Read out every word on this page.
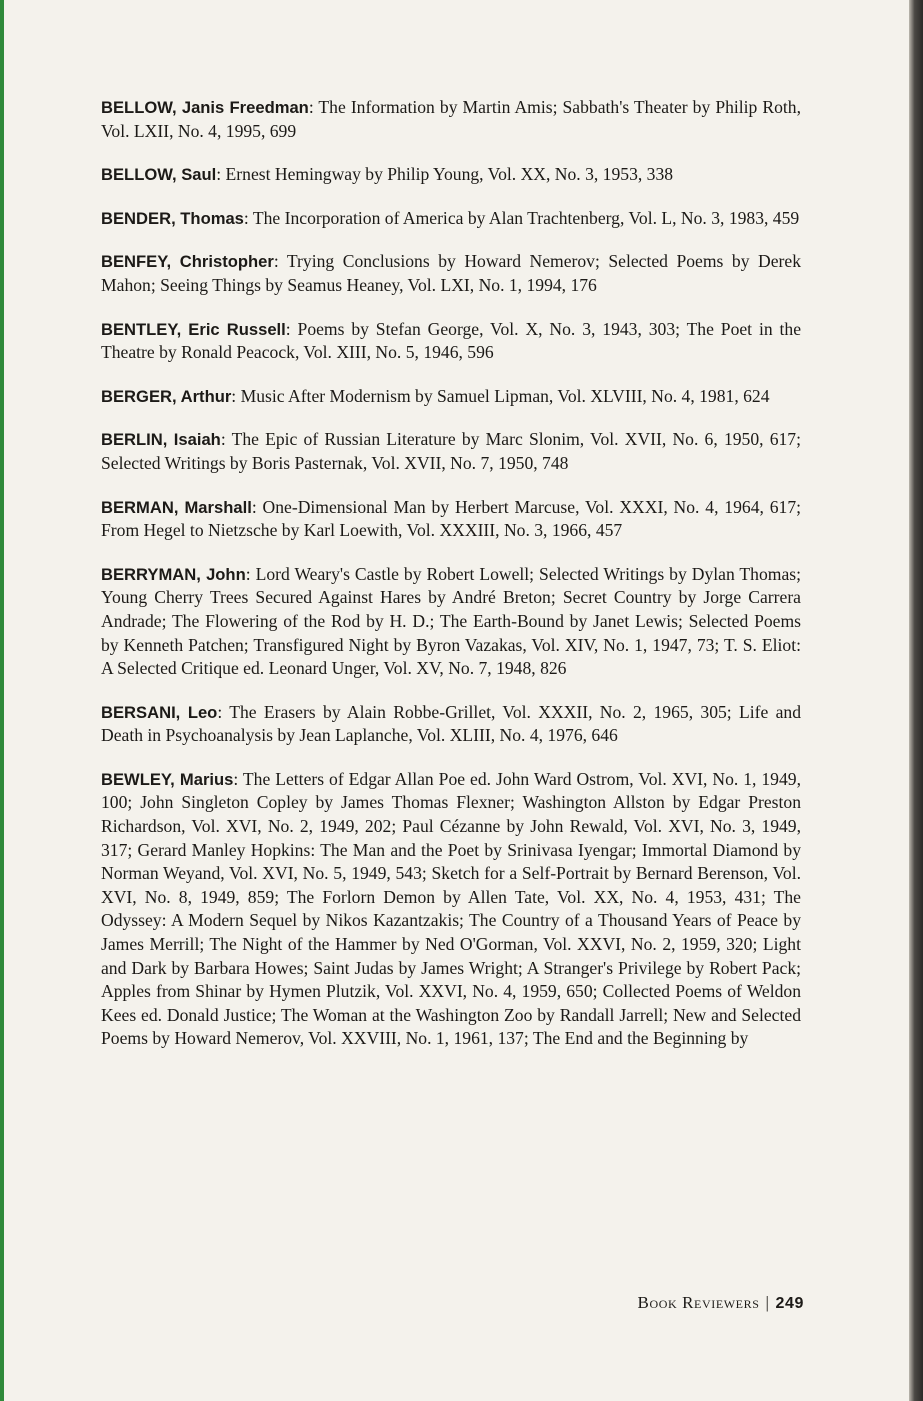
BELLOW, Janis Freedman: The Information by Martin Amis; Sabbath's Theater by Philip Roth, Vol. LXII, No. 4, 1995, 699

BELLOW, Saul: Ernest Hemingway by Philip Young, Vol. XX, No. 3, 1953, 338

BENDER, Thomas: The Incorporation of America by Alan Trachtenberg, Vol. L, No. 3, 1983, 459

BENFEY, Christopher: Trying Conclusions by Howard Nemerov; Selected Poems by Derek Mahon; Seeing Things by Seamus Heaney, Vol. LXI, No. 1, 1994, 176

BENTLEY, Eric Russell: Poems by Stefan George, Vol. X, No. 3, 1943, 303; The Poet in the Theatre by Ronald Peacock, Vol. XIII, No. 5, 1946, 596

BERGER, Arthur: Music After Modernism by Samuel Lipman, Vol. XLVIII, No. 4, 1981, 624

BERLIN, Isaiah: The Epic of Russian Literature by Marc Slonim, Vol. XVII, No. 6, 1950, 617; Selected Writings by Boris Pasternak, Vol. XVII, No. 7, 1950, 748

BERMAN, Marshall: One-Dimensional Man by Herbert Marcuse, Vol. XXXI, No. 4, 1964, 617; From Hegel to Nietzsche by Karl Loewith, Vol. XXXIII, No. 3, 1966, 457

BERRYMAN, John: Lord Weary's Castle by Robert Lowell; Selected Writings by Dylan Thomas; Young Cherry Trees Secured Against Hares by André Breton; Secret Country by Jorge Carrera Andrade; The Flowering of the Rod by H. D.; The Earth-Bound by Janet Lewis; Selected Poems by Kenneth Patchen; Transfigured Night by Byron Vazakas, Vol. XIV, No. 1, 1947, 73; T. S. Eliot: A Selected Critique ed. Leonard Unger, Vol. XV, No. 7, 1948, 826

BERSANI, Leo: The Erasers by Alain Robbe-Grillet, Vol. XXXII, No. 2, 1965, 305; Life and Death in Psychoanalysis by Jean Laplanche, Vol. XLIII, No. 4, 1976, 646

BEWLEY, Marius: The Letters of Edgar Allan Poe ed. John Ward Ostrom, Vol. XVI, No. 1, 1949, 100; John Singleton Copley by James Thomas Flexner; Washington Allston by Edgar Preston Richardson, Vol. XVI, No. 2, 1949, 202; Paul Cézanne by John Rewald, Vol. XVI, No. 3, 1949, 317; Gerard Manley Hopkins: The Man and the Poet by Srinivasa Iyengar; Immortal Diamond by Norman Weyand, Vol. XVI, No. 5, 1949, 543; Sketch for a Self-Portrait by Bernard Berenson, Vol. XVI, No. 8, 1949, 859; The Forlorn Demon by Allen Tate, Vol. XX, No. 4, 1953, 431; The Odyssey: A Modern Sequel by Nikos Kazantzakis; The Country of a Thousand Years of Peace by James Merrill; The Night of the Hammer by Ned O'Gorman, Vol. XXVI, No. 2, 1959, 320; Light and Dark by Barbara Howes; Saint Judas by James Wright; A Stranger's Privilege by Robert Pack; Apples from Shinar by Hymen Plutzik, Vol. XXVI, No. 4, 1959, 650; Collected Poems of Weldon Kees ed. Donald Justice; The Woman at the Washington Zoo by Randall Jarrell; New and Selected Poems by Howard Nemerov, Vol. XXVIII, No. 1, 1961, 137; The End and the Beginning by

Book Reviewers | 249
